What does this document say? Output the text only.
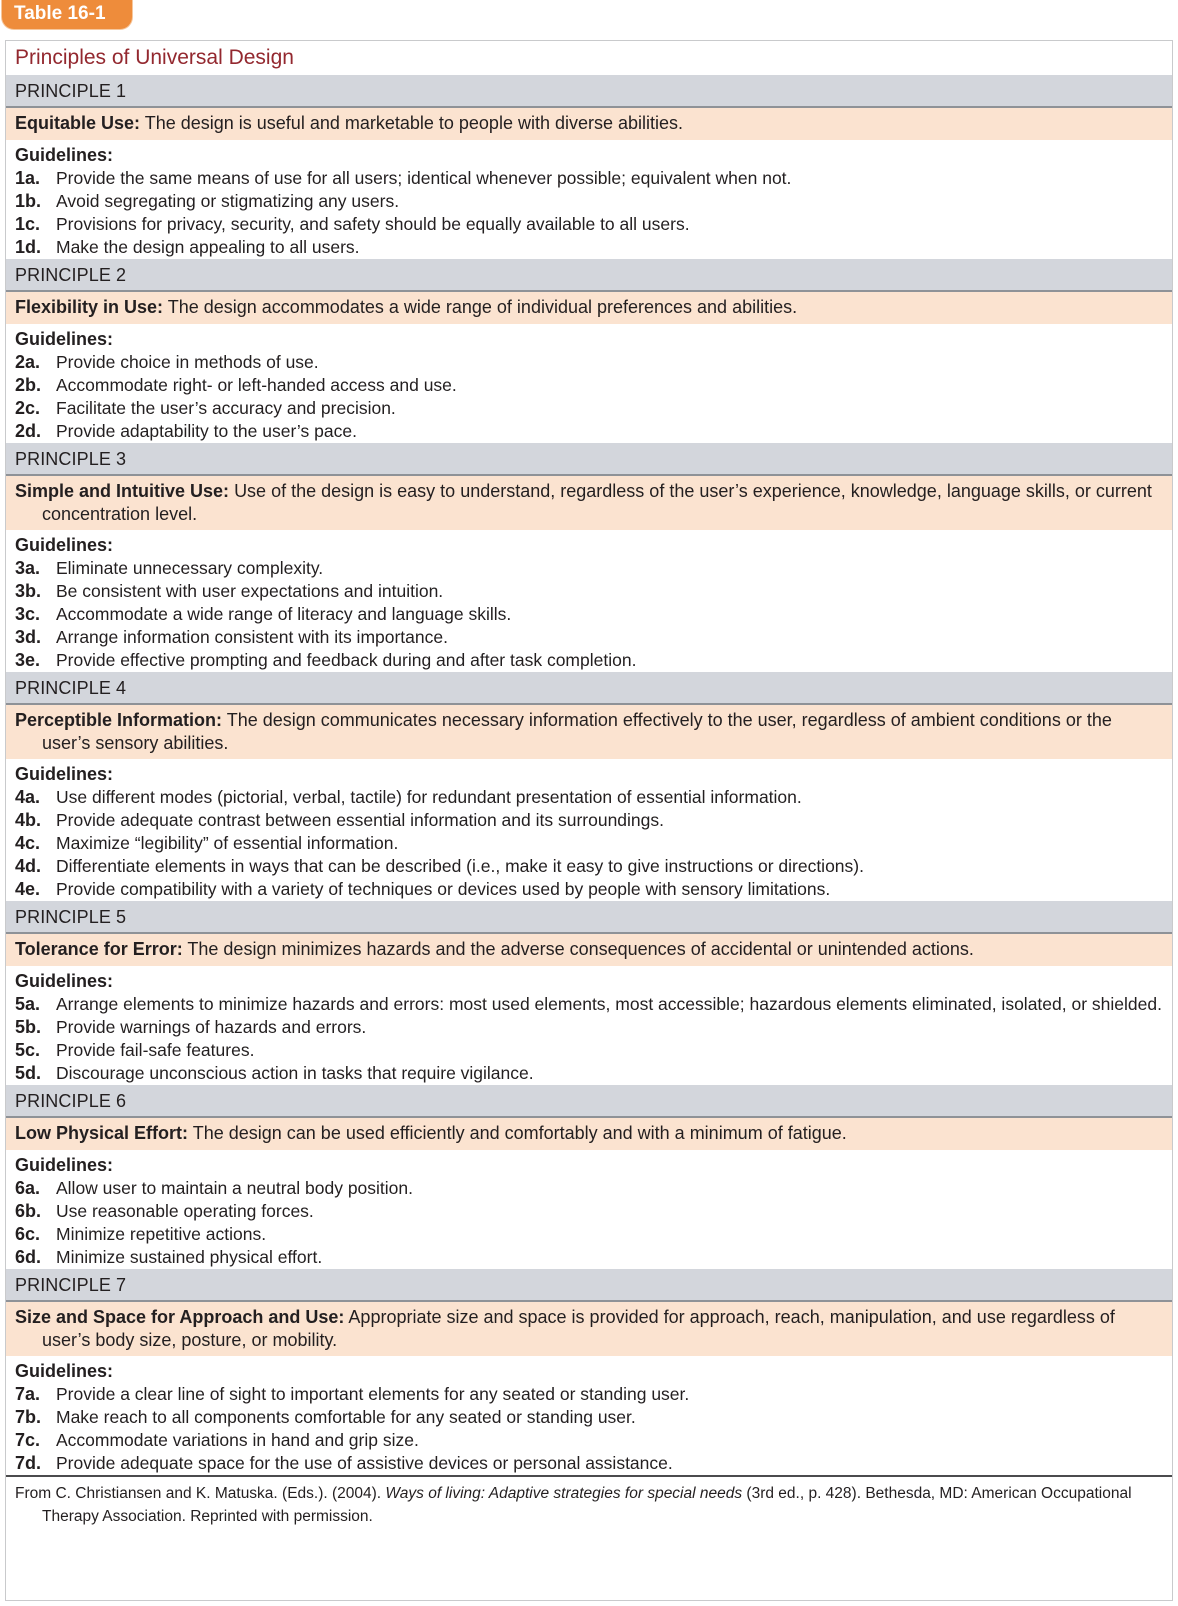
Table 16-1
Principles of Universal Design
PRINCIPLE 1
Equitable Use: The design is useful and marketable to people with diverse abilities.
Guidelines:
1a. Provide the same means of use for all users; identical whenever possible; equivalent when not.
1b. Avoid segregating or stigmatizing any users.
1c. Provisions for privacy, security, and safety should be equally available to all users.
1d. Make the design appealing to all users.
PRINCIPLE 2
Flexibility in Use: The design accommodates a wide range of individual preferences and abilities.
Guidelines:
2a. Provide choice in methods of use.
2b. Accommodate right- or left-handed access and use.
2c. Facilitate the user’s accuracy and precision.
2d. Provide adaptability to the user’s pace.
PRINCIPLE 3
Simple and Intuitive Use: Use of the design is easy to understand, regardless of the user’s experience, knowledge, language skills, or current concentration level.
Guidelines:
3a. Eliminate unnecessary complexity.
3b. Be consistent with user expectations and intuition.
3c. Accommodate a wide range of literacy and language skills.
3d. Arrange information consistent with its importance.
3e. Provide effective prompting and feedback during and after task completion.
PRINCIPLE 4
Perceptible Information: The design communicates necessary information effectively to the user, regardless of ambient conditions or the user’s sensory abilities.
Guidelines:
4a. Use different modes (pictorial, verbal, tactile) for redundant presentation of essential information.
4b. Provide adequate contrast between essential information and its surroundings.
4c. Maximize “legibility” of essential information.
4d. Differentiate elements in ways that can be described (i.e., make it easy to give instructions or directions).
4e. Provide compatibility with a variety of techniques or devices used by people with sensory limitations.
PRINCIPLE 5
Tolerance for Error: The design minimizes hazards and the adverse consequences of accidental or unintended actions.
Guidelines:
5a. Arrange elements to minimize hazards and errors: most used elements, most accessible; hazardous elements eliminated, isolated, or shielded.
5b. Provide warnings of hazards and errors.
5c. Provide fail-safe features.
5d. Discourage unconscious action in tasks that require vigilance.
PRINCIPLE 6
Low Physical Effort: The design can be used efficiently and comfortably and with a minimum of fatigue.
Guidelines:
6a. Allow user to maintain a neutral body position.
6b. Use reasonable operating forces.
6c. Minimize repetitive actions.
6d. Minimize sustained physical effort.
PRINCIPLE 7
Size and Space for Approach and Use: Appropriate size and space is provided for approach, reach, manipulation, and use regardless of user’s body size, posture, or mobility.
Guidelines:
7a. Provide a clear line of sight to important elements for any seated or standing user.
7b. Make reach to all components comfortable for any seated or standing user.
7c. Accommodate variations in hand and grip size.
7d. Provide adequate space for the use of assistive devices or personal assistance.
From C. Christiansen and K. Matuska. (Eds.). (2004). Ways of living: Adaptive strategies for special needs (3rd ed., p. 428). Bethesda, MD: American Occupational Therapy Association. Reprinted with permission.
